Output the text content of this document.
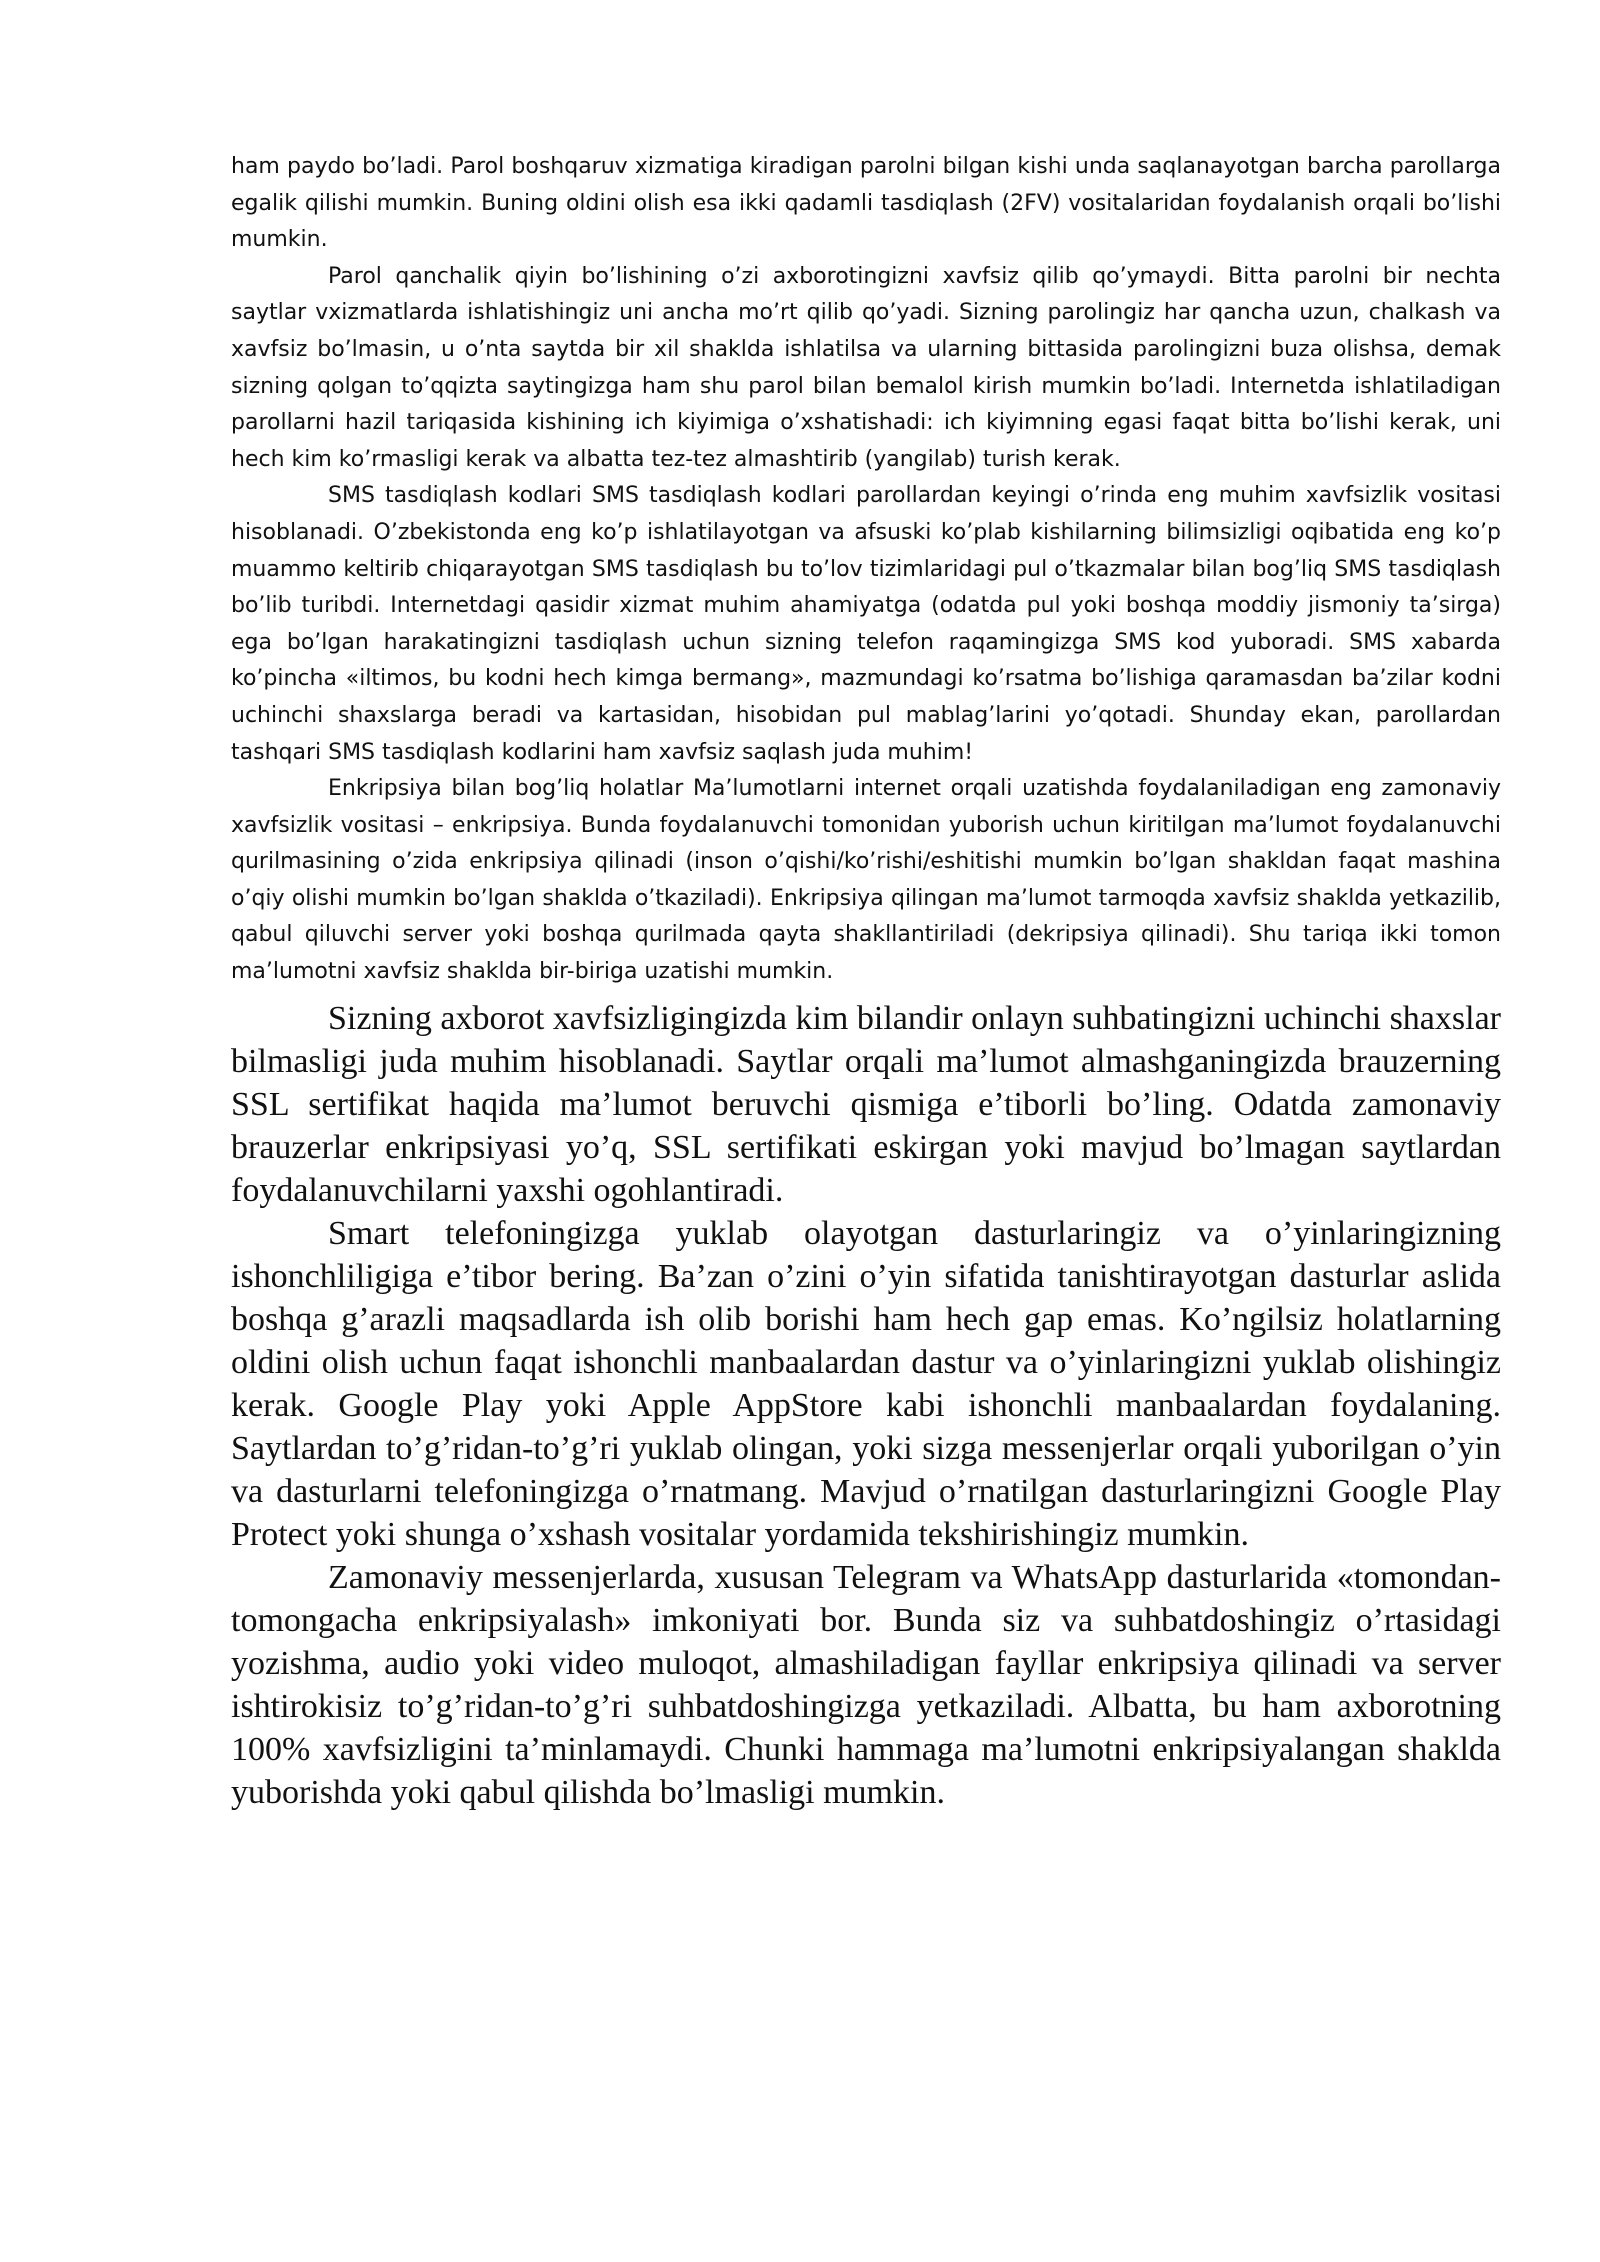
ham paydo bo’ladi. Parol boshqaruv xizmatiga kiradigan parolni bilgan kishi unda saqlanayotgan barcha parollarga egalik qilishi mumkin. Buning oldini olish esa ikki qadamli tasdiqlash (2FV) vositalaridan foydalanish orqali bo’lishi mumkin.

Parol qanchalik qiyin bo’lishining o’zi axborotingizni xavfsiz qilib qo’ymaydi. Bitta parolni bir nechta saytlar vxizmatlarda ishlatishingiz uni ancha mo’rt qilib qo’yadi. Sizning parolingiz har qancha uzun, chalkash va xavfsiz bo’lmasin, u o’nta saytda bir xil shaklda ishlatilsa va ularning bittasida parolingizni buza olishsa, demak sizning qolgan to’qqizta saytingizga ham shu parol bilan bemalol kirish mumkin bo’ladi. Internetda ishlatiladigan parollarni hazil tariqasida kishining ich kiyimiga o’xshatishadi: ich kiyimning egasi faqat bitta bo’lishi kerak, uni hech kim ko’rmasligi kerak va albatta tez-tez almashtirib (yangilab) turish kerak.

SMS tasdiqlash kodlari SMS tasdiqlash kodlari parollardan keyingi o’rinda eng muhim xavfsizlik vositasi hisoblanadi. O’zbekistonda eng ko’p ishlatilayotgan va afsuski ko’plab kishilarning bilimsizligi oqibatida eng ko’p muammo keltirib chiqarayotgan SMS tasdiqlash bu to’lov tizimlaridagi pul o’tkazmalar bilan bog’liq SMS tasdiqlash bo’lib turibdi. Internetdagi qasidir xizmat muhim ahamiyatga (odatda pul yoki boshqa moddiy jismoniy ta’sirga) ega bo’lgan harakatingizni tasdiqlash uchun sizning telefon raqamingizga SMS kod yuboradi. SMS xabarda ko’pincha «iltimos, bu kodni hech kimga bermang», mazmundagi ko’rsatma bo’lishiga qaramasdan ba’zilar kodni uchinchi shaxslarga beradi va kartasidan, hisobidan pul mablag’larini yo’qotadi. Shunday ekan, parollardan tashqari SMS tasdiqlash kodlarini ham xavfsiz saqlash juda muhim!

Enkripsiya bilan bog’liq holatlar Ma’lumotlarni internet orqali uzatishda foydalaniladigan eng zamonaviy xavfsizlik vositasi – enkripsiya. Bunda foydalanuvchi tomonidan yuborish uchun kiritilgan ma’lumot foydalanuvchi qurilmasining o’zida enkripsiya qilinadi (inson o’qishi/ko’rishi/eshitishi mumkin bo’lgan shakldan faqat mashina o’qiy olishi mumkin bo’lgan shaklda o’tkaziladi). Enkripsiya qilingan ma’lumot tarmoqda xavfsiz shaklda yetkazilib, qabul qiluvchi server yoki boshqa qurilmada qayta shakllantiriladi (dekripsiya qilinadi). Shu tariqa ikki tomon ma’lumotni xavfsiz shaklda bir-biriga uzatishi mumkin.

Sizning axborot xavfsizligingizda kim bilandir onlayn suhbatingizni uchinchi shaxslar bilmasligi juda muhim hisoblanadi. Saytlar orqali ma’lumot almashganingizda brauzerning SSL sertifikat haqida ma’lumot beruvchi qismiga e’tiborli bo’ling. Odatda zamonaviy brauzerlar enkripsiyasi yo’q, SSL sertifikati eskirgan yoki mavjud bo’lmagan saytlardan foydalanuvchilarni yaxshi ogohlantiradi.

Smart telefoningizga yuklab olayotgan dasturlaringiz va o’yinlaringizning ishonchliligiga e’tibor bering. Ba’zan o’zini o’yin sifatida tanishtirayotgan dasturlar aslida boshqa g’arazli maqsadlarda ish olib borishi ham hech gap emas. Ko’ngilsiz holatlarning oldini olish uchun faqat ishonchli manbaalardan dastur va o’yinlaringizni yuklab olishingiz kerak. Google Play yoki Apple AppStore kabi ishonchli manbaalardan foydalaning. Saytlardan to’g’ridan-to’g’ri yuklab olingan, yoki sizga messenjerlar orqali yuborilgan o’yin va dasturlarni telefoningizga o’rnatmang. Mavjud o’rnatilgan dasturlaringizni Google Play Protect yoki shunga o’xshash vositalar yordamida tekshirishingiz mumkin.

Zamonaviy messenjerlarda, xususan Telegram va WhatsApp dasturlarida «tomondan-tomongacha enkripsiyalash» imkoniyati bor. Bunda siz va suhbatdoshingiz o’rtasidagi yozishma, audio yoki video muloqot, almashiladigan fayllar enkripsiya qilinadi va server ishtirokisiz to’g’ridan-to’g’ri suhbatdoshingizga yetkaziladi. Albatta, bu ham axborotning 100% xavfsizligini ta’minlamaydi. Chunki hammaga ma’lumotni enkripsiyalangan shaklda yuborishda yoki qabul qilishda bo’lmasligi mumkin.
